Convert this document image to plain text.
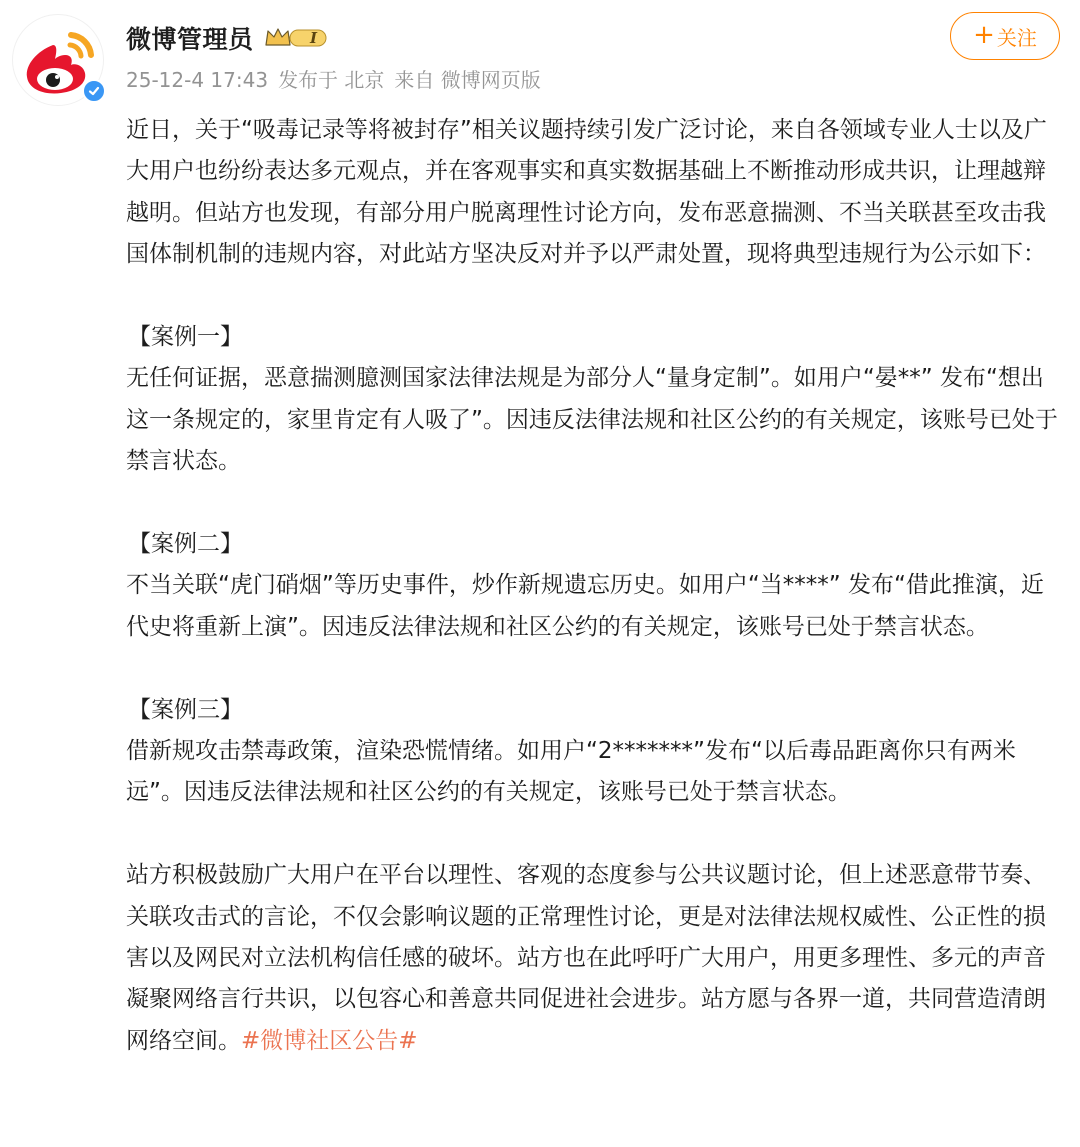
微博管理员	I
25-12-4 17:43 发布于 北京 来自 微博网页版
+ 关注

近日，关于“吸毒记录等将被封存”相关议题持续引发广泛讨论，来自各领域专业人士以及广大用户也纷纷表达多元观点，并在客观事实和真实数据基础上不断推动形成共识，让理越辩越明。但站方也发现，有部分用户脱离理性讨论方向，发布恶意揣测、不当关联甚至攻击我国体制机制的违规内容，对此站方坚决反对并予以严肃处置，现将典型违规行为公示如下：

【案例一】

无任何证据，恶意揣测臆测国家法律法规是为部分人“量身定制”。如用户“晏**” 发布“想出这一条规定的，家里肯定有人吸了”。因违反法律法规和社区公约的有关规定，该账号已处于禁言状态。

【案例二】

不当关联“虎门硝烟”等历史事件，炒作新规遗忘历史。如用户“当****” 发布“借此推演，近代史将重新上演”。因违反法律法规和社区公约的有关规定，该账号已处于禁言状态。

【案例三】

借新规攻击禁毒政策，渲染恐慌情绪。如用户“2*******”发布“以后毒品距离你只有两米远”。因违反法律法规和社区公约的有关规定，该账号已处于禁言状态。

站方积极鼓励广大用户在平台以理性、客观的态度参与公共议题讨论，但上述恶意带节奏、关联攻击式的言论，不仅会影响议题的正常理性讨论，更是对法律法规权威性、公正性的损害以及网民对立法机构信任感的破坏。站方也在此呼吁广大用户，用更多理性、多元的声音凝聚网络言行共识，以包容心和善意共同促进社会进步。站方愿与各界一道，共同营造清朗网络空间。#微博社区公告#
